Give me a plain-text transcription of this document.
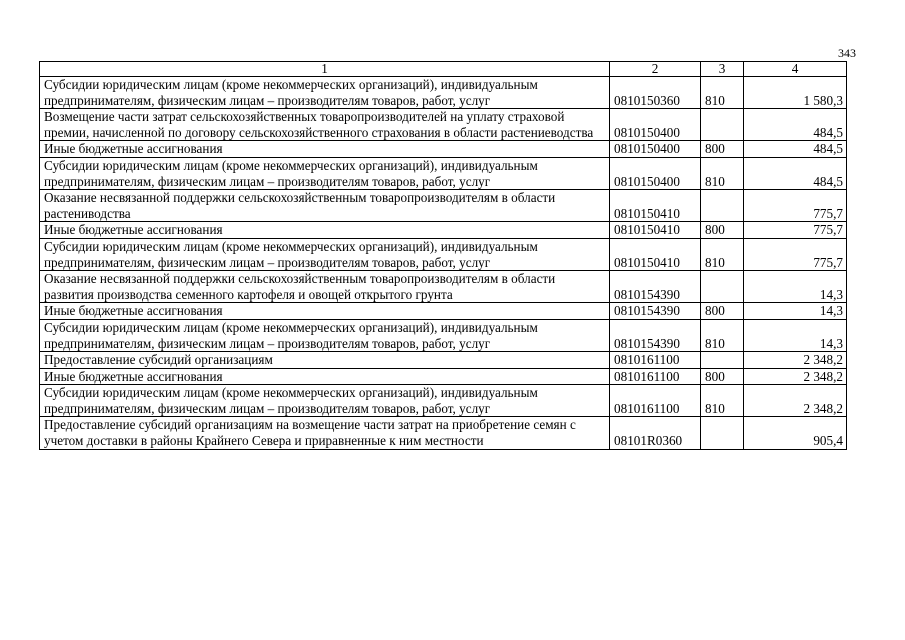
343
1	2	3	4
Субсидии юридическим лицам (кроме некоммерческих организаций), индивидуальным предпринимателям, физическим лицам – производителям товаров, работ, услуг	0810150360	810	1 580,3
Возмещение части затрат сельскохозяйственных товаропроизводителей на уплату страховой премии, начисленной по договору сельскохозяйственного страхования в области растениеводства	0810150400		484,5
Иные бюджетные ассигнования	0810150400	800	484,5
Субсидии юридическим лицам (кроме некоммерческих организаций), индивидуальным предпринимателям, физическим лицам – производителям товаров, работ, услуг	0810150400	810	484,5
Оказание несвязанной поддержки сельскохозяйственным товаропроизводителям в области растениводства	0810150410		775,7
Иные бюджетные ассигнования	0810150410	800	775,7
Субсидии юридическим лицам (кроме некоммерческих организаций), индивидуальным предпринимателям, физическим лицам – производителям товаров, работ, услуг	0810150410	810	775,7
Оказание несвязанной поддержки сельскохозяйственным товаропроизводителям в области развития производства семенного картофеля и овощей открытого грунта	0810154390		14,3
Иные бюджетные ассигнования	0810154390	800	14,3
Субсидии юридическим лицам (кроме некоммерческих организаций), индивидуальным предпринимателям, физическим лицам – производителям товаров, работ, услуг	0810154390	810	14,3
Предоставление субсидий организациям	0810161100		2 348,2
Иные бюджетные ассигнования	0810161100	800	2 348,2
Субсидии юридическим лицам (кроме некоммерческих организаций), индивидуальным предпринимателям, физическим лицам – производителям товаров, работ, услуг	0810161100	810	2 348,2
Предоставление субсидий организациям на возмещение части затрат на приобретение семян с учетом доставки в районы Крайнего Севера и приравненные к ним местности	08101R0360		905,4
